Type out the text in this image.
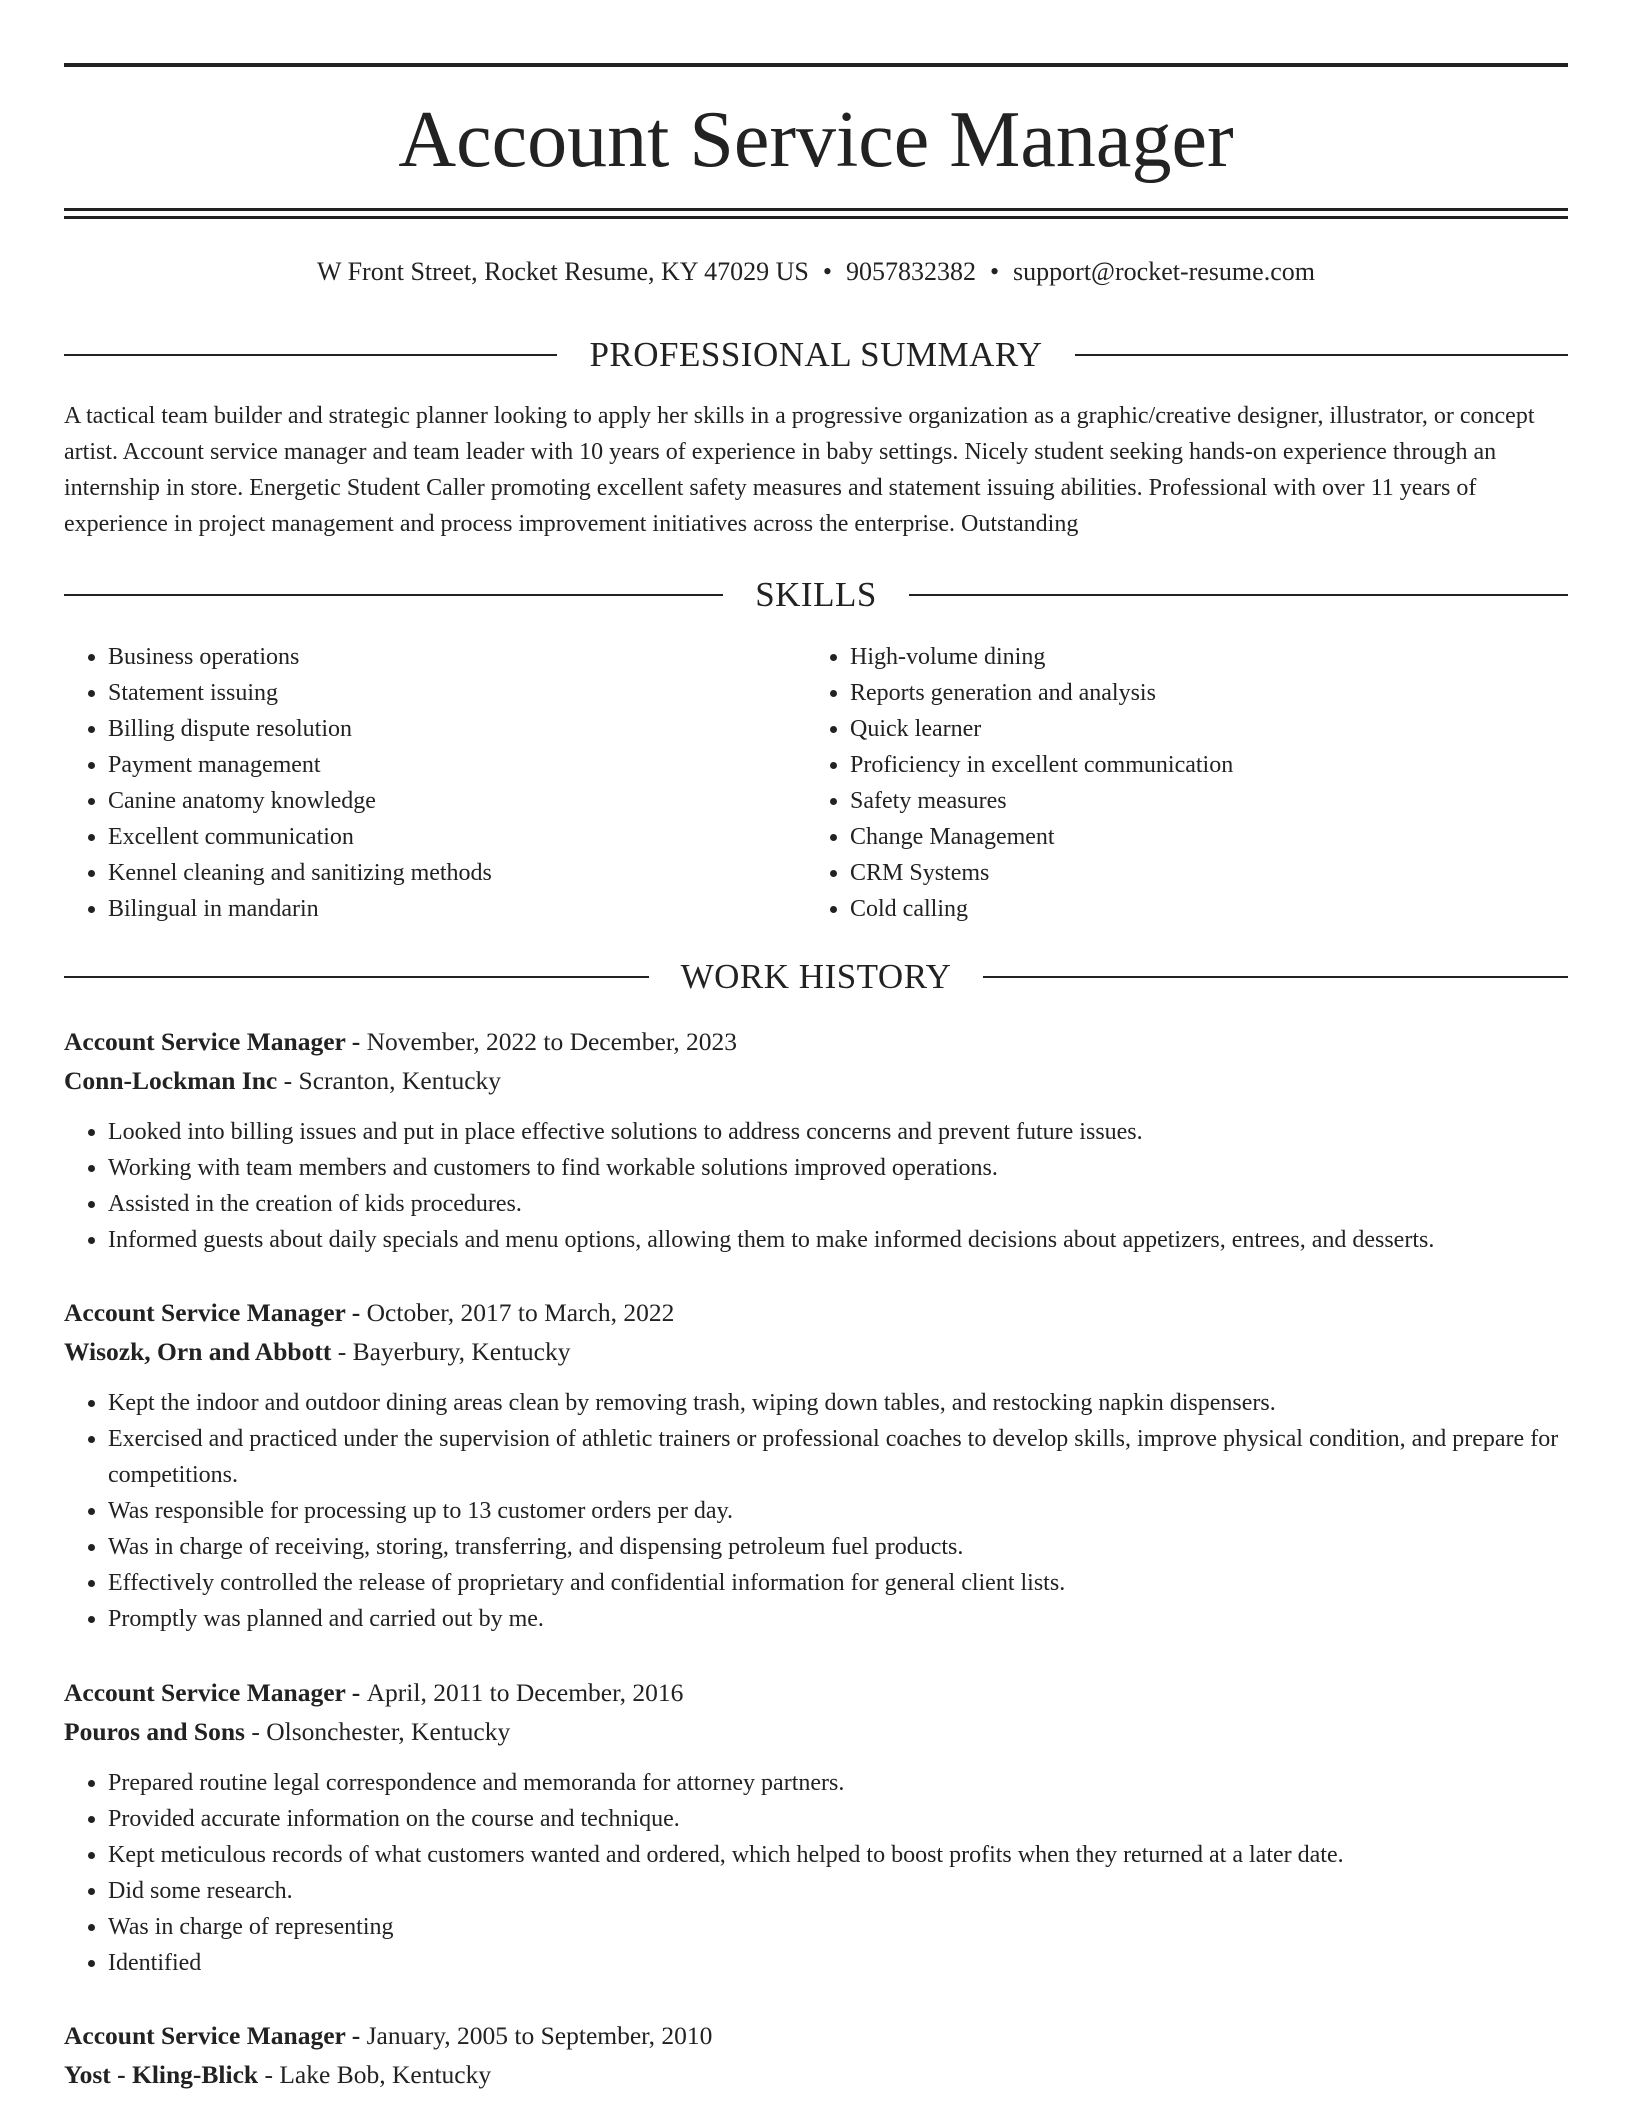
Account Service Manager
W Front Street, Rocket Resume, KY 47029 US • 9057832382 • support@rocket-resume.com
PROFESSIONAL SUMMARY

A tactical team builder and strategic planner looking to apply her skills in a progressive organization as a graphic/creative designer, illustrator, or concept artist. Account service manager and team leader with 10 years of experience in baby settings. Nicely student seeking hands-on experience through an internship in store. Energetic Student Caller promoting excellent safety measures and statement issuing abilities. Professional with over 11 years of experience in project management and process improvement initiatives across the enterprise. Outstanding

SKILLS
• Business operations
• Statement issuing
• Billing dispute resolution
• Payment management
• Canine anatomy knowledge
• Excellent communication
• Kennel cleaning and sanitizing methods
• Bilingual in mandarin
• High-volume dining
• Reports generation and analysis
• Quick learner
• Proficiency in excellent communication
• Safety measures
• Change Management
• CRM Systems
• Cold calling
WORK HISTORY
Account Service Manager - November, 2022 to December, 2023
Conn-Lockman Inc - Scranton, Kentucky
• Looked into billing issues and put in place effective solutions to address concerns and prevent future issues.
• Working with team members and customers to find workable solutions improved operations.
• Assisted in the creation of kids procedures.
• Informed guests about daily specials and menu options, allowing them to make informed decisions about appetizers, entrees, and desserts.
Account Service Manager - October, 2017 to March, 2022
Wisozk, Orn and Abbott - Bayerbury, Kentucky
• Kept the indoor and outdoor dining areas clean by removing trash, wiping down tables, and restocking napkin dispensers.
• Exercised and practiced under the supervision of athletic trainers or professional coaches to develop skills, improve physical condition, and prepare for competitions.
• Was responsible for processing up to 13 customer orders per day.
• Was in charge of receiving, storing, transferring, and dispensing petroleum fuel products.
• Effectively controlled the release of proprietary and confidential information for general client lists.
• Promptly was planned and carried out by me.
Account Service Manager - April, 2011 to December, 2016
Pouros and Sons - Olsonchester, Kentucky
• Prepared routine legal correspondence and memoranda for attorney partners.
• Provided accurate information on the course and technique.
• Kept meticulous records of what customers wanted and ordered, which helped to boost profits when they returned at a later date.
• Did some research.
• Was in charge of representing
• Identified
Account Service Manager - January, 2005 to September, 2010
Yost - Kling-Blick - Lake Bob, Kentucky
